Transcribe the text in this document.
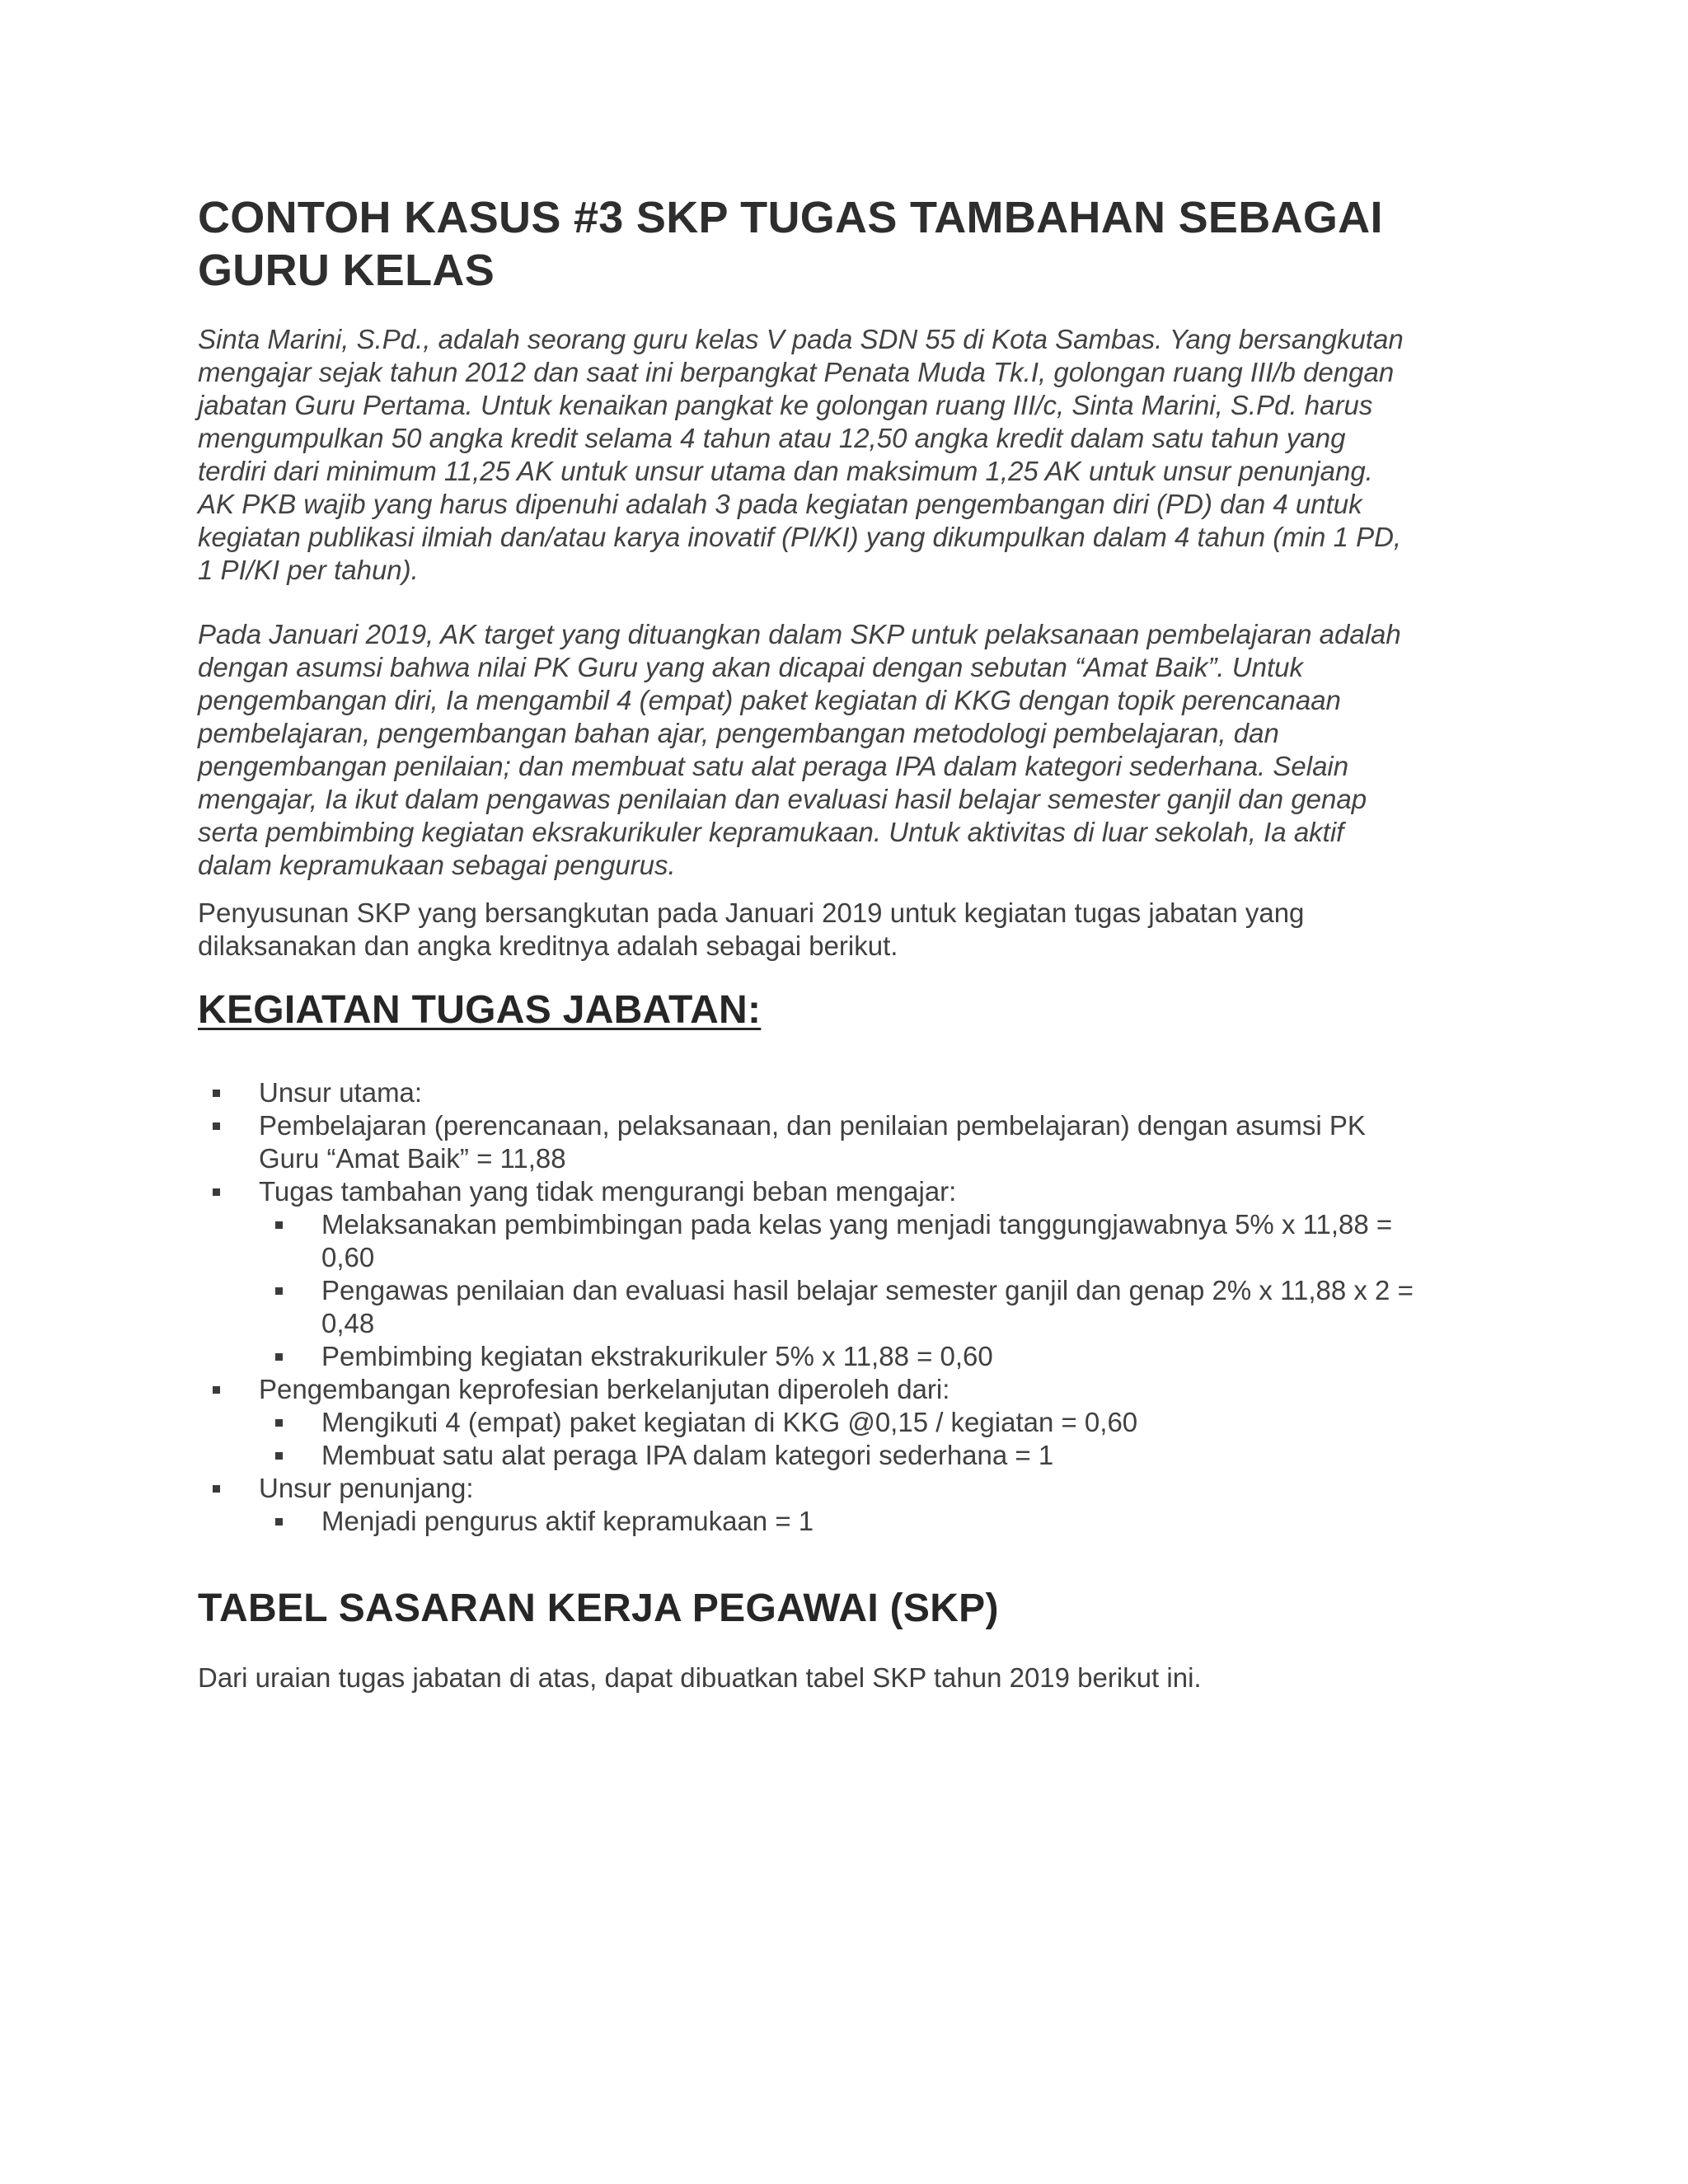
CONTOH KASUS #3 SKP TUGAS TAMBAHAN SEBAGAI
GURU KELAS

Sinta Marini, S.Pd., adalah seorang guru kelas V pada SDN 55 di Kota Sambas. Yang bersangkutan
mengajar sejak tahun 2012 dan saat ini berpangkat Penata Muda Tk.I, golongan ruang III/b dengan
jabatan Guru Pertama. Untuk kenaikan pangkat ke golongan ruang III/c, Sinta Marini, S.Pd. harus
mengumpulkan 50 angka kredit selama 4 tahun atau 12,50 angka kredit dalam satu tahun yang
terdiri dari minimum 11,25 AK untuk unsur utama dan maksimum 1,25 AK untuk unsur penunjang.
AK PKB wajib yang harus dipenuhi adalah 3 pada kegiatan pengembangan diri (PD) dan 4 untuk
kegiatan publikasi ilmiah dan/atau karya inovatif (PI/KI) yang dikumpulkan dalam 4 tahun (min 1 PD,
1 PI/KI per tahun).

Pada Januari 2019, AK target yang dituangkan dalam SKP untuk pelaksanaan pembelajaran adalah
dengan asumsi bahwa nilai PK Guru yang akan dicapai dengan sebutan “Amat Baik”. Untuk
pengembangan diri, Ia mengambil 4 (empat) paket kegiatan di KKG dengan topik perencanaan
pembelajaran, pengembangan bahan ajar, pengembangan metodologi pembelajaran, dan
pengembangan penilaian; dan membuat satu alat peraga IPA dalam kategori sederhana. Selain
mengajar, Ia ikut dalam pengawas penilaian dan evaluasi hasil belajar semester ganjil dan genap
serta pembimbing kegiatan eksrakurikuler kepramukaan. Untuk aktivitas di luar sekolah, Ia aktif
dalam kepramukaan sebagai pengurus.

Penyusunan SKP yang bersangkutan pada Januari 2019 untuk kegiatan tugas jabatan yang
dilaksanakan dan angka kreditnya adalah sebagai berikut.

KEGIATAN TUGAS JABATAN:
Unsur utama:
Pembelajaran (perencanaan, pelaksanaan, dan penilaian pembelajaran) dengan asumsi PK
Guru “Amat Baik” = 11,88
Tugas tambahan yang tidak mengurangi beban mengajar:
Melaksanakan pembimbingan pada kelas yang menjadi tanggungjawabnya 5% x 11,88 =
0,60
Pengawas penilaian dan evaluasi hasil belajar semester ganjil dan genap 2% x 11,88 x 2 =
0,48
Pembimbing kegiatan ekstrakurikuler 5% x 11,88 = 0,60
Pengembangan keprofesian berkelanjutan diperoleh dari:
Mengikuti 4 (empat) paket kegiatan di KKG @0,15 / kegiatan = 0,60
Membuat satu alat peraga IPA dalam kategori sederhana = 1
Unsur penunjang:
Menjadi pengurus aktif kepramukaan = 1
TABEL SASARAN KERJA PEGAWAI (SKP)

Dari uraian tugas jabatan di atas, dapat dibuatkan tabel SKP tahun 2019 berikut ini.
